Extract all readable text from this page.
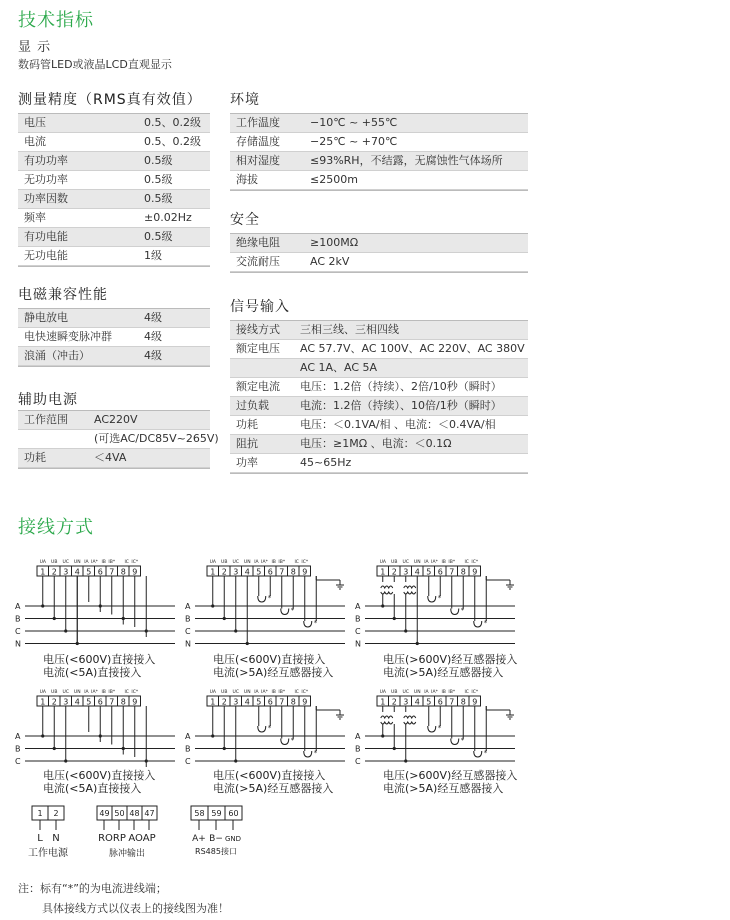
技术指标
显 示
数码管LED或液晶LCD直观显示
测量精度（RMS真有效值）
电压	0.5、0.2级
电流	0.5、0.2级
有功功率	0.5级
无功功率	0.5级
功率因数	0.5级
频率	±0.02Hz
有功电能	0.5级
无功电能	1级
电磁兼容性能
静电放电	4级
电快速瞬变脉冲群	4级
浪涌（冲击）	4级
辅助电源
工作范围	AC220V
(可选AC/DC85V~265V)
功耗	＜4VA
环境
工作温度	−10℃ ~ +55℃
存储温度	−25℃ ~ +70℃
相对湿度	≤93%RH，不结露，无腐蚀性气体场所
海拔	≤2500m
安全
绝缘电阻	≥100MΩ
交流耐压	AC 2kV
信号输入
接线方式	三相三线、三相四线
额定电压	AC 57.7V、AC 100V、AC 220V、AC 380V
AC 1A、AC 5A
额定电流	电压：1.2倍（持续）、2倍/10秒（瞬时）
过负载	电流：1.2倍（持续）、10倍/1秒（瞬时）
功耗	电压：＜0.1VA/相 、电流：＜0.4VA/相
阻抗	电压：≥1MΩ 、电流：＜0.1Ω
功率	45~65Hz
接线方式
1 2 3 4 5 6 7 8 9
UA UB UC UN IA IA* IB IB* IC IC*
A
B
C
N
1 2 3 4 5 6 7 8 9
UA UB UC UN IA IA* IB IB* IC IC*
A
B
C
N
*
*
*
1 2 3 4 5 6 7 8 9
UA UB UC UN IA IA* IB IB* IC IC*
A
B
C
N
*
*
*
1 2 3 4 5 6 7 8 9
UA UB UC UN IA IA* IB IB* IC IC*
A
B
C
1 2 3 4 5 6 7 8 9
UA UB UC UN IA IA* IB IB* IC IC*
A
B
C
*
*
*
1 2 3 4 5 6 7 8 9
UA UB UC UN IA IA* IB IB* IC IC*
A
B
C
*
*
*
1 2
L N
工作电源
49 50 48 47
RORP AOAP
脉冲输出
58 59 60
A+ B− GND
RS485接口
电压(<600V)直接接入
电流(<5A)直接接入
电压(<600V)直接接入
电流(>5A)经互感器接入
电压(>600V)经互感器接入
电流(>5A)经互感器接入
电压(<600V)直接接入
电流(<5A)直接接入
电压(<600V)直接接入
电流(>5A)经互感器接入
电压(>600V)经互感器接入
电流(>5A)经互感器接入
注：标有“*”的为电流进线端；
具体接线方式以仪表上的接线图为准！
